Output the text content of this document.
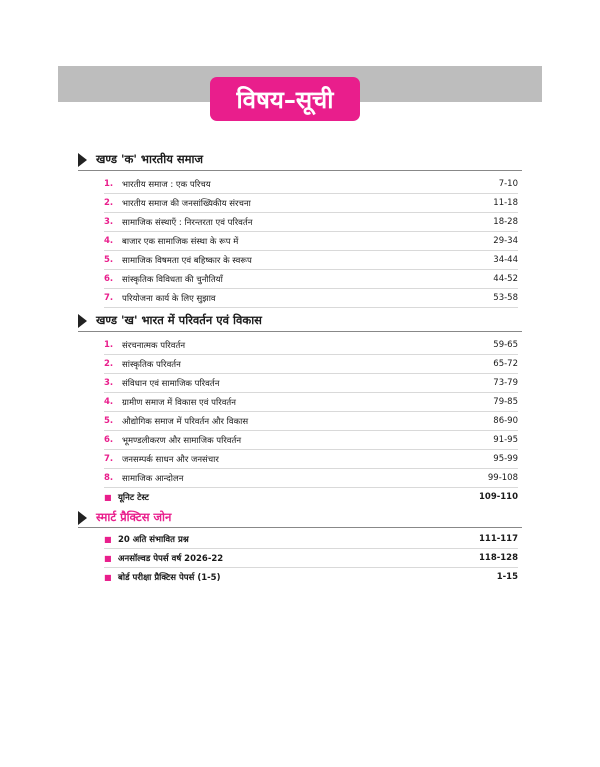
विषय–सूची
खण्ड 'क' भारतीय समाज
1.	भारतीय समाज : एक परिचय	7-10
2.	भारतीय समाज की जनसांख्यिकीय संरचना	11-18
3.	सामाजिक संस्थाएँ : निरन्तरता एवं परिवर्तन	18-28
4.	बाजार एक सामाजिक संस्था के रूप में	29-34
5.	सामाजिक विषमता एवं बहिष्कार के स्वरूप	34-44
6.	सांस्कृतिक विविधता की चुनौतियाँ	44-52
7.	परियोजना कार्य के लिए सुझाव	53-58
खण्ड 'ख' भारत में परिवर्तन एवं विकास
1.	संरचनात्मक परिवर्तन	59-65
2.	सांस्कृतिक परिवर्तन	65-72
3.	संविधान एवं सामाजिक परिवर्तन	73-79
4.	ग्रामीण समाज में विकास एवं परिवर्तन	79-85
5.	औद्योगिक समाज में परिवर्तन और विकास	86-90
6.	भूमण्डलीकरण और सामाजिक परिवर्तन	91-95
7.	जनसम्पर्क साधन और जनसंचार	95-99
8.	सामाजिक आन्दोलन	99-108
■ यूनिट टेस्ट	109-110
स्मार्ट प्रैक्टिस जोन
■ 20 अति संभावित प्रश्न	111-117
■ अनसॉल्वड पेपर्स वर्ष 2026-22	118-128
■ बोर्ड परीक्षा प्रैक्टिस पेपर्स (1-5)	1-15
